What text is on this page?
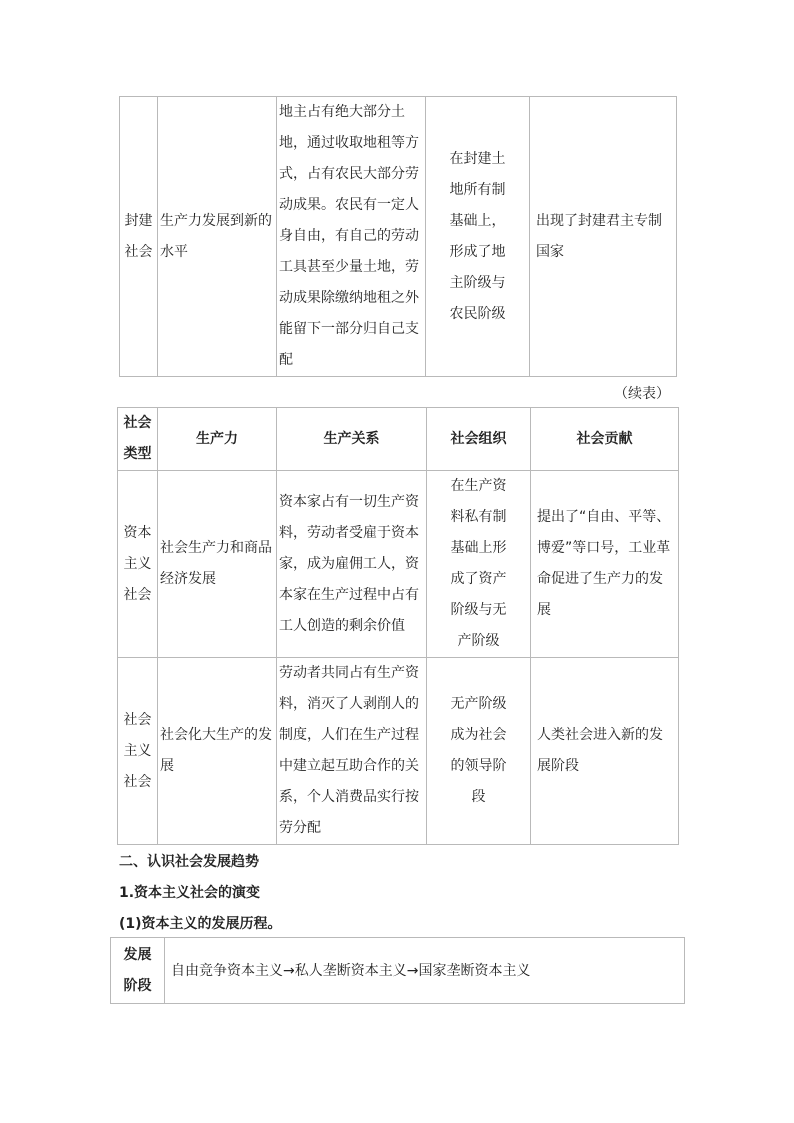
封建社会	生产力发展到新的水平	地主占有绝大部分土地，通过收取地租等方式，占有农民大部分劳动成果。农民有一定人身自由，有自己的劳动工具甚至少量土地，劳动成果除缴纳地租之外能留下一部分归自己支配	在封建土地所有制基础上，形成了地主阶级与农民阶级	出现了封建君主专制国家
（续表）
社会类型	生产力	生产关系	社会组织	社会贡献
资本主义社会	社会生产力和商品经济发展	资本家占有一切生产资料，劳动者受雇于资本家，成为雇佣工人，资本家在生产过程中占有工人创造的剩余价值	在生产资料私有制基础上形成了资产阶级与无产阶级	提出了“自由、平等、博爱”等口号，工业革命促进了生产力的发展
社会主义社会	社会化大生产的发展	劳动者共同占有生产资料，消灭了人剥削人的制度，人们在生产过程中建立起互助合作的关系，个人消费品实行按劳分配	无产阶级成为社会的领导阶段	人类社会进入新的发展阶段
二、认识社会发展趋势
1.资本主义社会的演变
(1)资本主义的发展历程。
发展阶段	自由竞争资本主义→私人垄断资本主义→国家垄断资本主义
